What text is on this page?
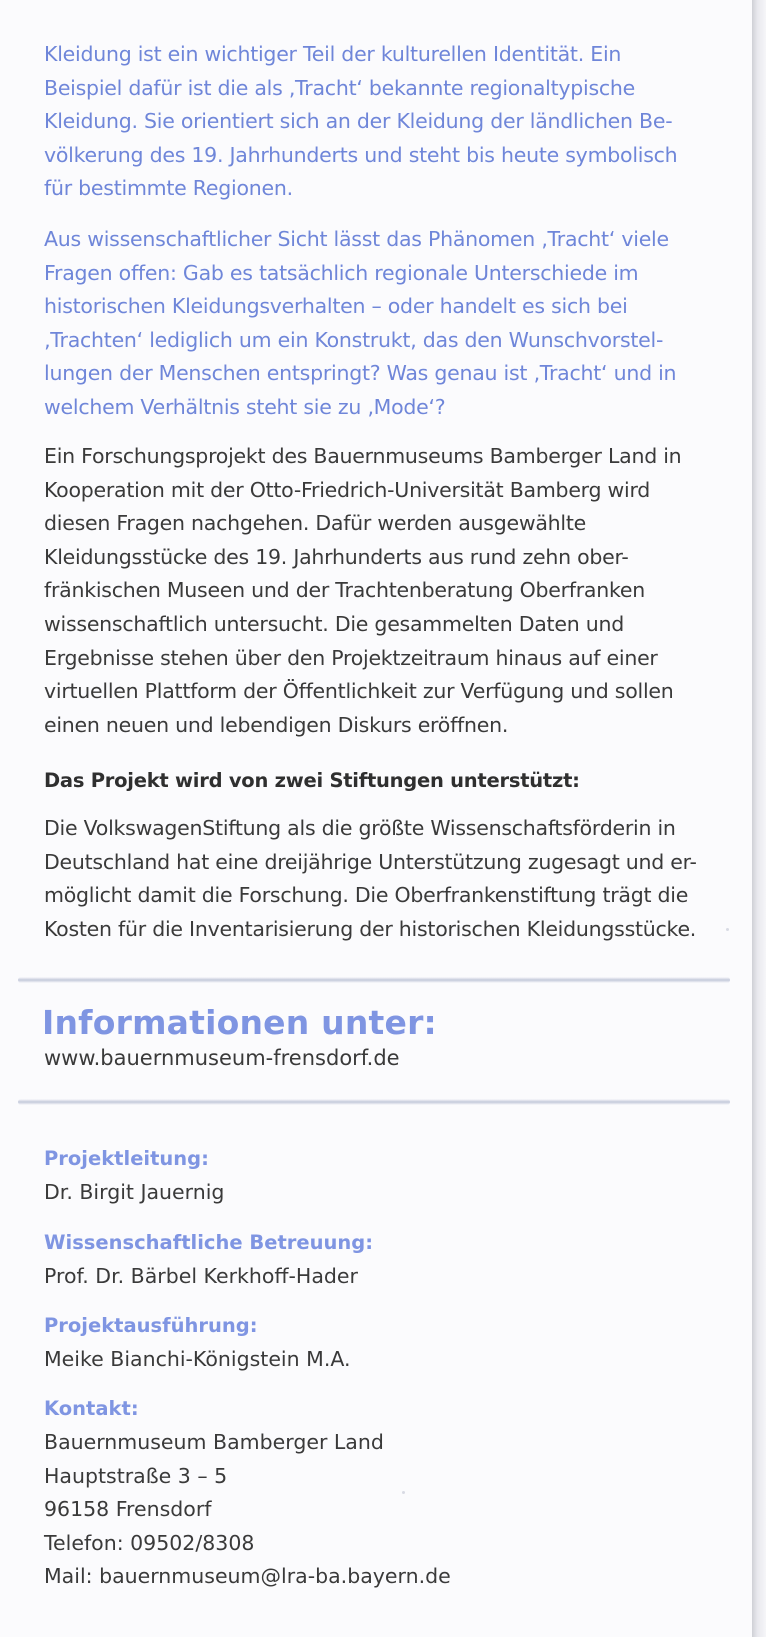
Kleidung ist ein wichtiger Teil der kulturellen Identität. Ein Beispiel dafür ist die als ‚Tracht‘ bekannte regionaltypische Kleidung. Sie orientiert sich an der Kleidung der ländlichen Be-völkerung des 19. Jahrhunderts und steht bis heute symbolisch für bestimmte Regionen.

Aus wissenschaftlicher Sicht lässt das Phänomen ‚Tracht‘ viele Fragen offen: Gab es tatsächlich regionale Unterschiede im historischen Kleidungsverhalten – oder handelt es sich bei ‚Trachten‘ lediglich um ein Konstrukt, das den Wunschvorstel-lungen der Menschen entspringt? Was genau ist ‚Tracht‘ und in welchem Verhältnis steht sie zu ‚Mode‘?

Ein Forschungsprojekt des Bauernmuseums Bamberger Land in Kooperation mit der Otto-Friedrich-Universität Bamberg wird diesen Fragen nachgehen. Dafür werden ausgewählte Kleidungsstücke des 19. Jahrhunderts aus rund zehn ober-fränkischen Museen und der Trachtenberatung Oberfranken wissenschaftlich untersucht. Die gesammelten Daten und Ergebnisse stehen über den Projektzeitraum hinaus auf einer virtuellen Plattform der Öffentlichkeit zur Verfügung und sollen einen neuen und lebendigen Diskurs eröffnen.

Das Projekt wird von zwei Stiftungen unterstützt:

Die VolkswagenStiftung als die größte Wissenschaftsförderin in Deutschland hat eine dreijährige Unterstützung zugesagt und er-möglicht damit die Forschung. Die Oberfrankenstiftung trägt die Kosten für die Inventarisierung der historischen Kleidungsstücke.

Informationen unter:

www.bauernmuseum-frensdorf.de

Projektleitung:

Dr. Birgit Jauernig

Wissenschaftliche Betreuung:

Prof. Dr. Bärbel Kerkhoff-Hader

Projektausführung:

Meike Bianchi-Königstein M.A.

Kontakt:

Bauernmuseum Bamberger Land
Hauptstraße 3 – 5
96158 Frensdorf
Telefon: 09502/8308
Mail: bauernmuseum@lra-ba.bayern.de
